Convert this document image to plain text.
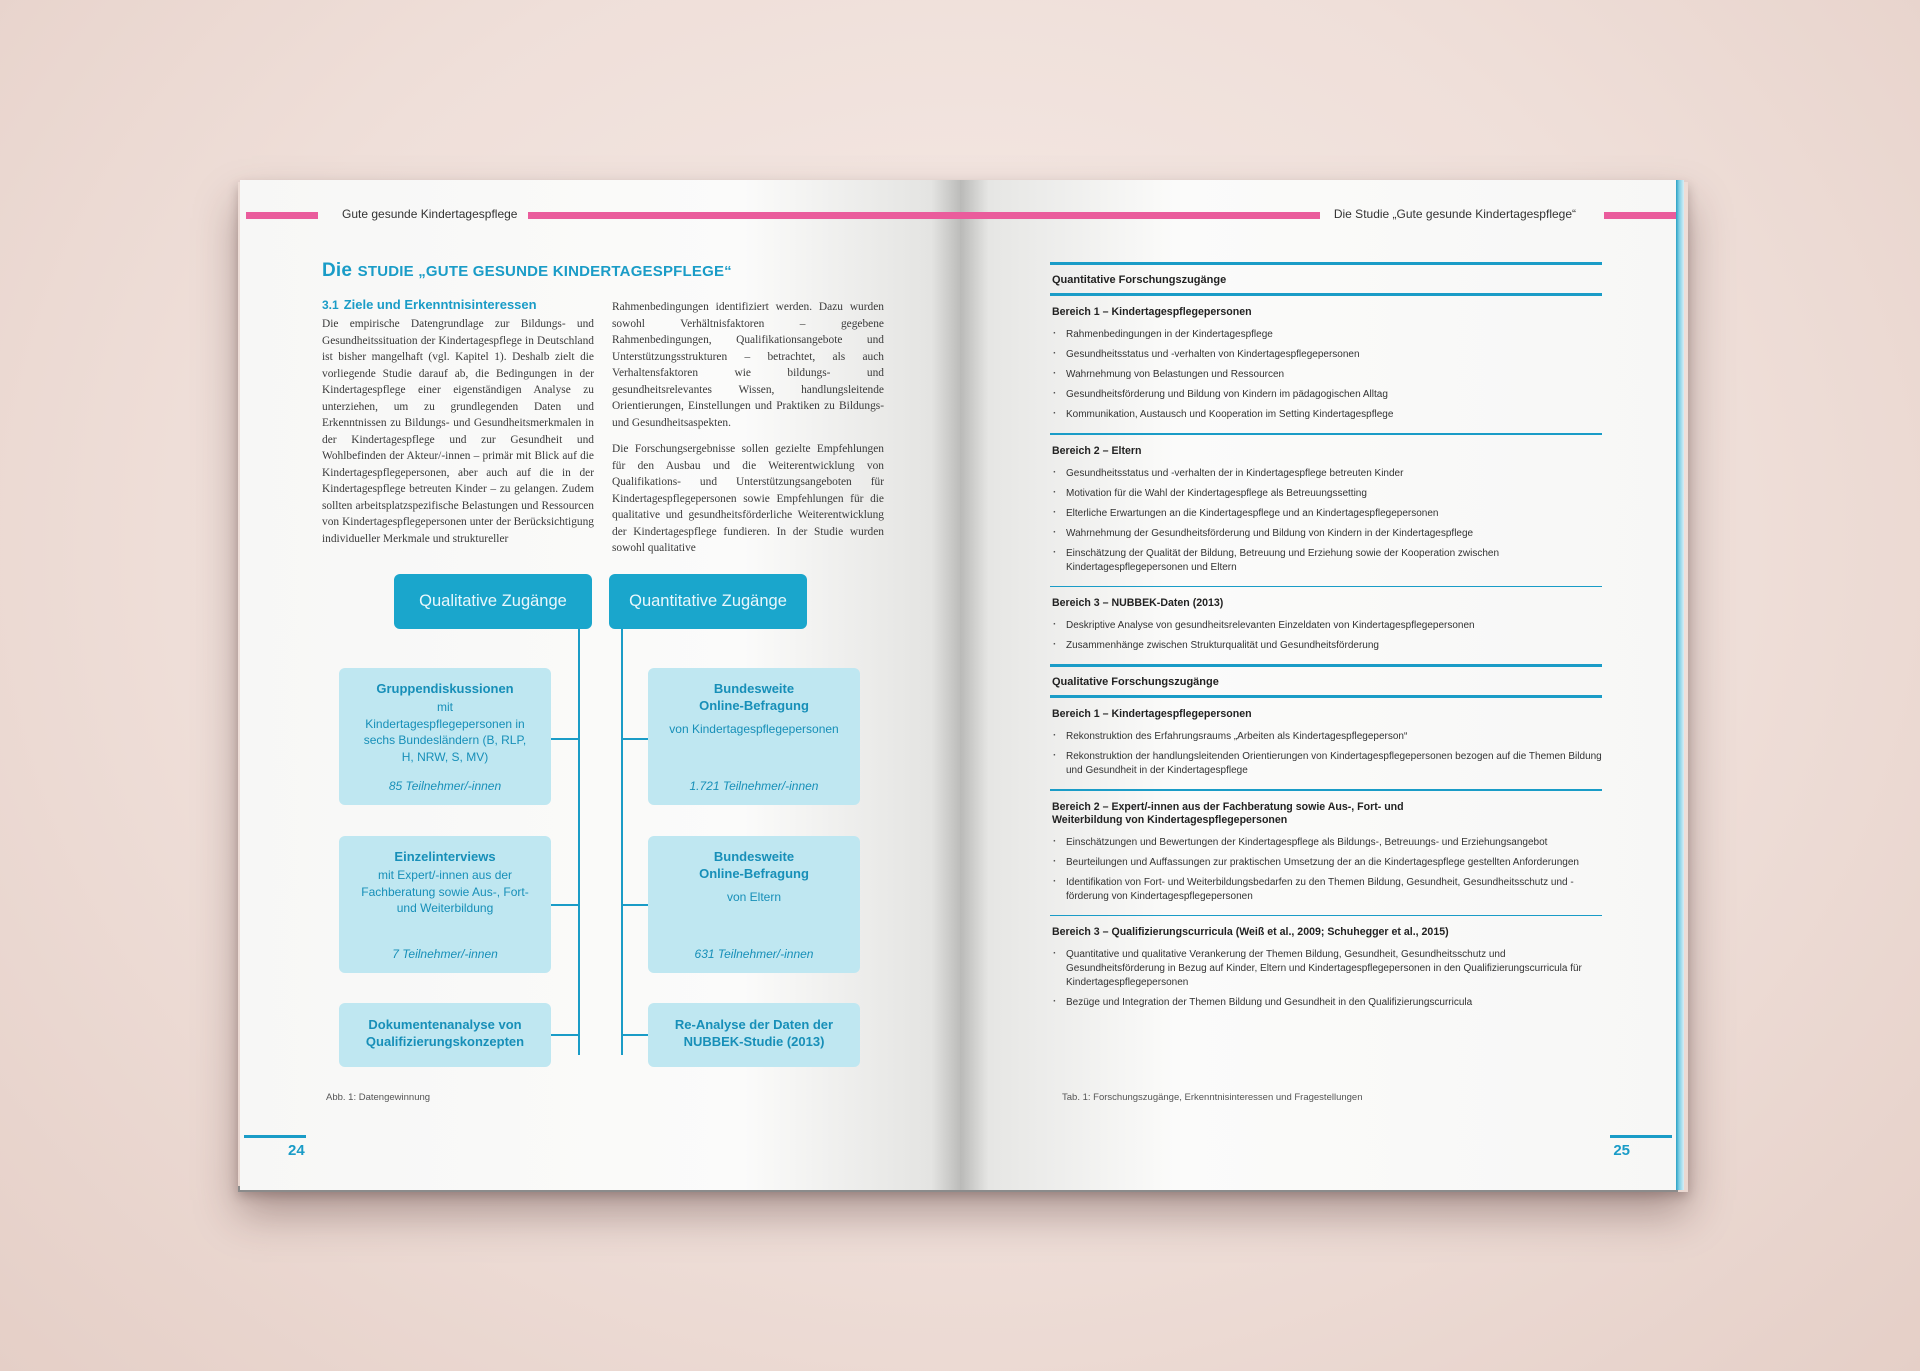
Gute gesunde Kindertagespflege
Die STUDIE „GUTE GESUNDE KINDERTAGESPFLEGE“
3.1 Ziele und Erkenntnisinteressen

Die empirische Datengrundlage zur Bildungs- und Gesundheitssituation der Kindertagespflege in Deutschland ist bisher mangelhaft (vgl. Kapitel 1). Deshalb zielt die vorliegende Studie darauf ab, die Bedingungen in der Kindertagespflege einer eigenständigen Analyse zu unterziehen, um zu grundlegenden Daten und Erkenntnissen zu Bildungs- und Gesundheitsmerkmalen in der Kindertagespflege und zur Gesundheit und Wohlbefinden der Akteur/-innen – primär mit Blick auf die Kindertagespflegepersonen, aber auch auf die in der Kindertagespflege betreuten Kinder – zu gelangen. Zudem sollten arbeitsplatzspezifische Belastungen und Ressourcen von Kindertagespflegepersonen unter der Berücksichtigung individueller Merkmale und struktureller

Rahmenbedingungen identifiziert werden. Dazu wurden sowohl Verhältnisfaktoren – gegebene Rahmenbedingungen, Qualifikationsangebote und Unterstützungsstrukturen – betrachtet, als auch Verhaltensfaktoren wie bildungs- und gesundheitsrelevantes Wissen, handlungsleitende Orientierungen, Einstellungen und Praktiken zu Bildungs- und Gesundheitsaspekten.

Die Forschungsergebnisse sollen gezielte Empfehlungen für den Ausbau und die Weiterentwicklung von Qualifikations- und Unterstützungsangeboten für Kindertagespflegepersonen sowie Empfehlungen für die qualitative und gesundheitsförderliche Weiterentwicklung der Kindertagespflege fundieren. In der Studie wurden sowohl qualitative

Qualitative Zugänge	Quantitative Zugänge
Gruppendiskussionen
mit Kindertagespflegepersonen in sechs Bundesländern (B, RLP, H, NRW, S, MV)
85 Teilnehmer/-innen
Einzelinterviews
mit Expert/-innen aus der Fachberatung sowie Aus-, Fort- und Weiterbildung
7 Teilnehmer/-innen
Dokumentenanalyse von Qualifizierungskonzepten
Bundesweite Online-Befragung
von Kindertagespflegepersonen
1.721 Teilnehmer/-innen
Bundesweite Online-Befragung
von Eltern
631 Teilnehmer/-innen
Re-Analyse der Daten der NUBBEK-Studie (2013)
Abb. 1: Datengewinnung
24
Die Studie „Gute gesunde Kindertagespflege“
Quantitative Forschungszugänge
Bereich 1 – Kindertagespflegepersonen
· Rahmenbedingungen in der Kindertagespflege
· Gesundheitsstatus und -verhalten von Kindertagespflegepersonen
· Wahrnehmung von Belastungen und Ressourcen
· Gesundheitsförderung und Bildung von Kindern im pädagogischen Alltag
· Kommunikation, Austausch und Kooperation im Setting Kindertagespflege
Bereich 2 – Eltern
· Gesundheitsstatus und -verhalten der in Kindertagespflege betreuten Kinder
· Motivation für die Wahl der Kindertagespflege als Betreuungssetting
· Elterliche Erwartungen an die Kindertagespflege und an Kindertagespflegepersonen
· Wahrnehmung der Gesundheitsförderung und Bildung von Kindern in der Kindertagespflege
· Einschätzung der Qualität der Bildung, Betreuung und Erziehung sowie der Kooperation zwischen Kindertagespflegepersonen und Eltern
Bereich 3 – NUBBEK-Daten (2013)
· Deskriptive Analyse von gesundheitsrelevanten Einzeldaten von Kindertagespflegepersonen
· Zusammenhänge zwischen Strukturqualität und Gesundheitsförderung
Qualitative Forschungszugänge
Bereich 1 – Kindertagespflegepersonen
· Rekonstruktion des Erfahrungsraums „Arbeiten als Kindertagespflegeperson“
· Rekonstruktion der handlungsleitenden Orientierungen von Kindertagespflegepersonen bezogen auf die Themen Bildung und Gesundheit in der Kindertagespflege
Bereich 2 – Expert/-innen aus der Fachberatung sowie Aus-, Fort- und Weiterbildung von Kindertagespflegepersonen
· Einschätzungen und Bewertungen der Kindertagespflege als Bildungs-, Betreuungs- und Erziehungsangebot
· Beurteilungen und Auffassungen zur praktischen Umsetzung der an die Kindertagespflege gestellten Anforderungen
· Identifikation von Fort- und Weiterbildungsbedarfen zu den Themen Bildung, Gesundheit, Gesundheitsschutz und -förderung von Kindertagespflegepersonen
Bereich 3 – Qualifizierungscurricula (Weiß et al., 2009; Schuhegger et al., 2015)
· Quantitative und qualitative Verankerung der Themen Bildung, Gesundheit, Gesundheitsschutz und Gesundheitsförderung in Bezug auf Kinder, Eltern und Kindertagespflegepersonen in den Qualifizierungscurricula für Kindertagespflegepersonen
· Bezüge und Integration der Themen Bildung und Gesundheit in den Qualifizierungscurricula
Tab. 1: Forschungszugänge, Erkenntnisinteressen und Fragestellungen
25
